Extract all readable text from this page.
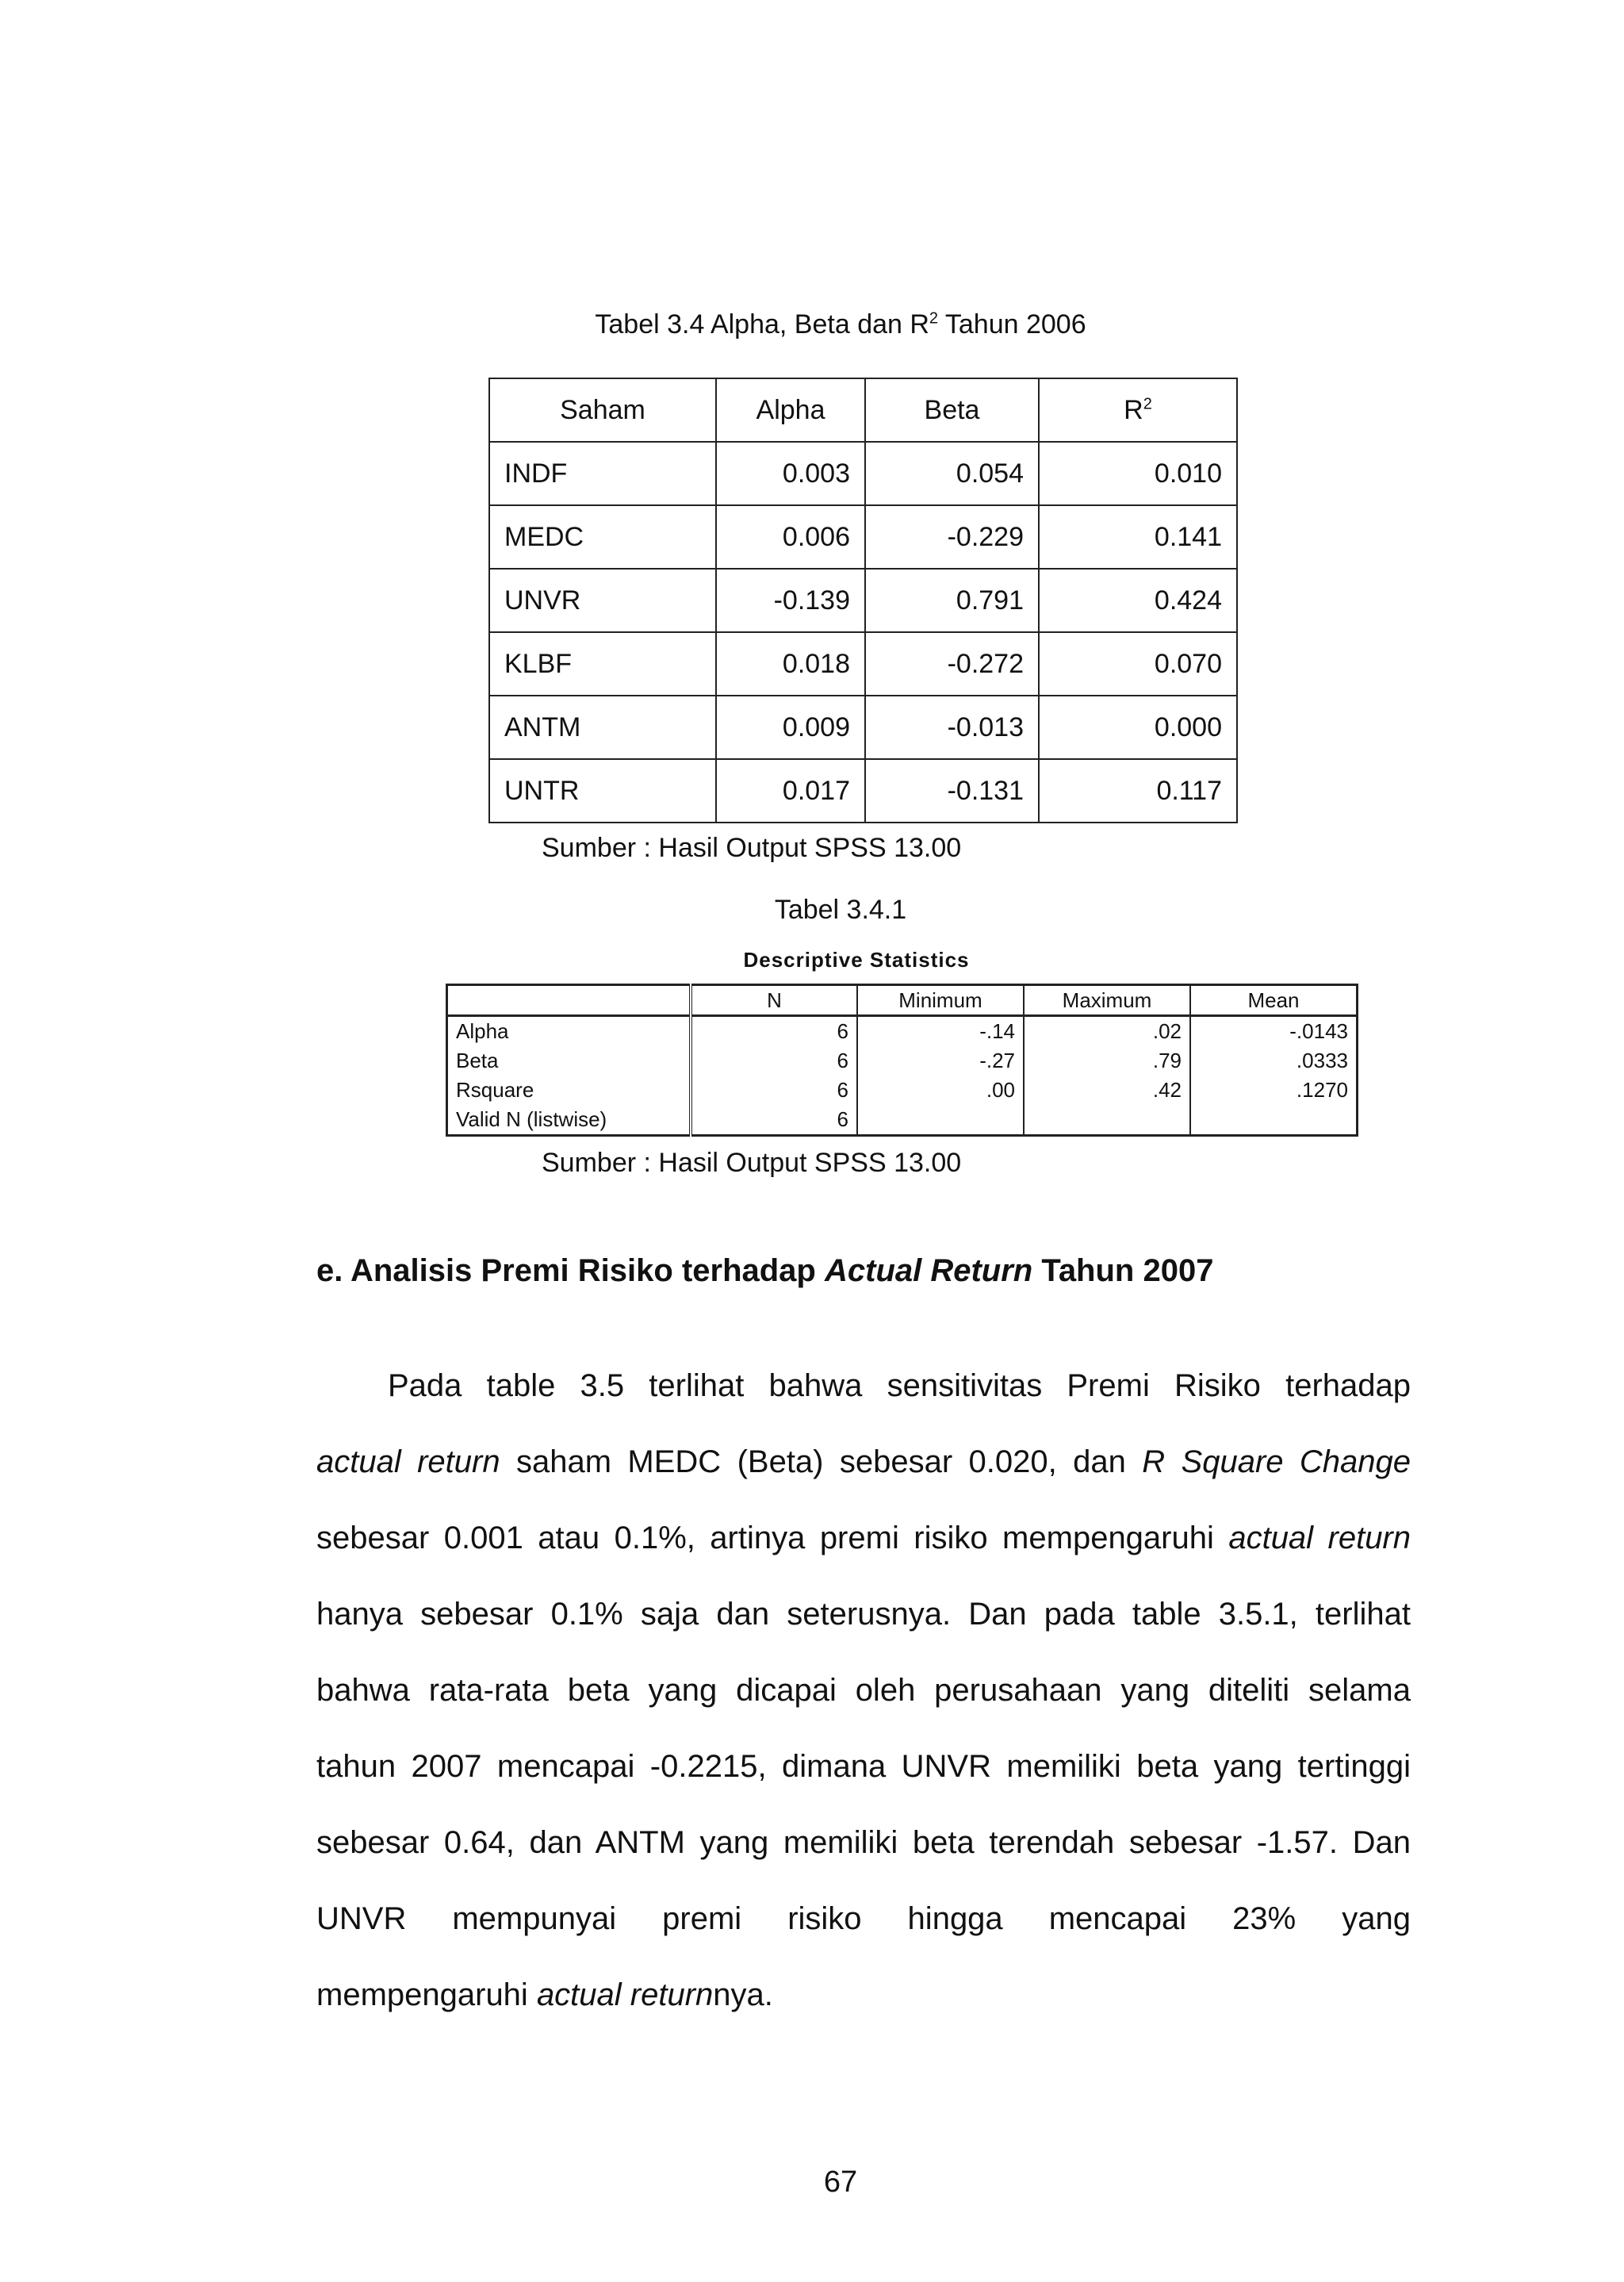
Tabel 3.4 Alpha, Beta dan $R^2$ Tahun 2006
Saham	Alpha	Beta	$R^2$
INDF	0.003	0.054	0.010
MEDC	0.006	-0.229	0.141
UNVR	-0.139	0.791	0.424
KLBF	0.018	-0.272	0.070
ANTM	0.009	-0.013	0.000
UNTR	0.017	-0.131	0.117
Sumber : Hasil Output SPSS 13.00
Tabel 3.4.1
Descriptive Statistics
	N	Minimum	Maximum	Mean
Alpha	6	-.14	.02	-.0143
Beta	6	-.27	.79	.0333
Rsquare	6	.00	.42	.1270
Valid N (listwise)	6			
Sumber : Hasil Output SPSS 13.00
e. Analisis Premi Risiko terhadap Actual Return Tahun 2007
Pada table 3.5 terlihat bahwa sensitivitas Premi Risiko terhadap
actual return saham MEDC (Beta) sebesar 0.020, dan R Square Change
sebesar 0.001 atau 0.1%, artinya premi risiko mempengaruhi actual return
hanya sebesar 0.1% saja dan seterusnya. Dan pada table 3.5.1, terlihat
bahwa rata-rata beta yang dicapai oleh perusahaan yang diteliti selama
tahun 2007 mencapai -0.2215, dimana UNVR memiliki beta yang tertinggi
sebesar 0.64, dan ANTM yang memiliki beta terendah sebesar -1.57. Dan
UNVR mempunyai premi risiko hingga mencapai 23% yang
mempengaruhi actual returnnya.
67
